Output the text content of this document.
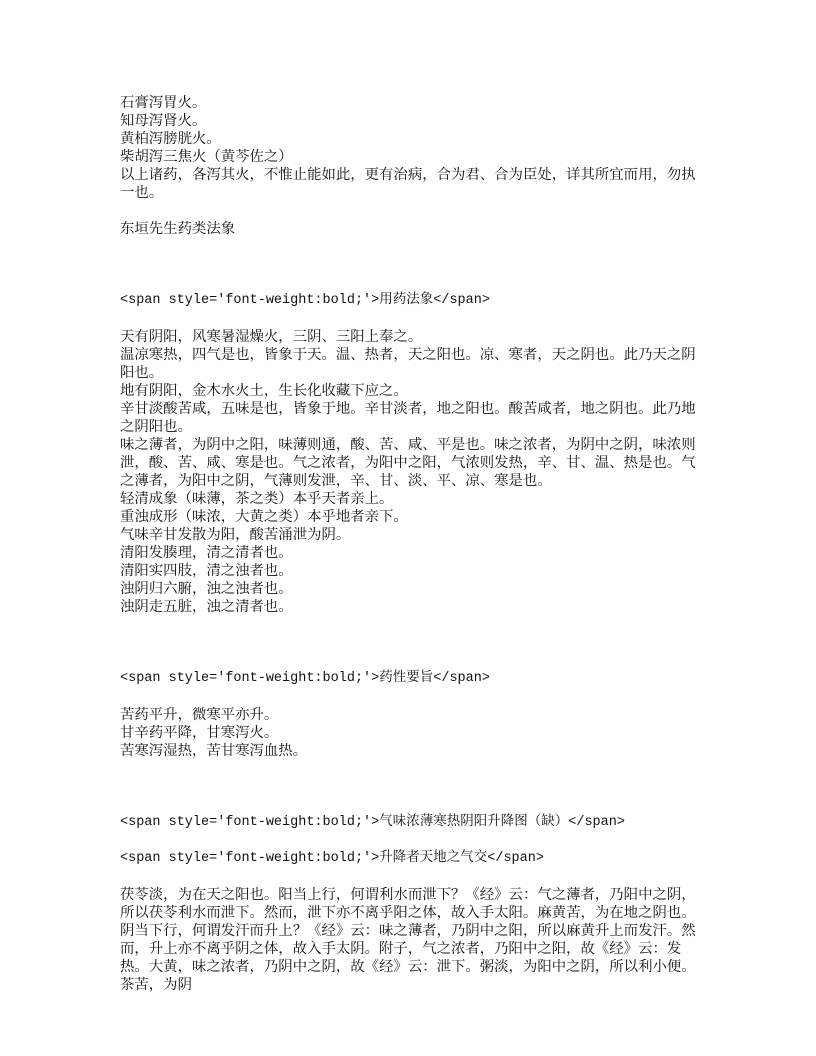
石膏泻胃火。

知母泻肾火。

黄柏泻膀胱火。

柴胡泻三焦火（黄芩佐之）

以上诸药，各泻其火，不惟止能如此，更有治病，合为君、合为臣处，详其所宜而用，勿执一也。

东垣先生药类法象

<span style='font-weight:bold;'>用药法象</span>

天有阴阳，风寒暑湿燥火，三阴、三阳上奉之。

温凉寒热，四气是也，皆象于天。温、热者，天之阳也。凉、寒者，天之阴也。此乃天之阴阳也。

地有阴阳，金木水火土，生长化收藏下应之。

辛甘淡酸苦咸，五味是也，皆象于地。辛甘淡者，地之阳也。酸苦咸者，地之阴也。此乃地之阴阳也。

味之薄者，为阴中之阳，味薄则通，酸、苦、咸、平是也。味之浓者，为阴中之阴，味浓则泄，酸、苦、咸、寒是也。气之浓者，为阳中之阳，气浓则发热，辛、甘、温、热是也。气之薄者，为阳中之阴，气薄则发泄，辛、甘、淡、平、凉、寒是也。

轻清成象（味薄，茶之类）本乎天者亲上。

重浊成形（味浓，大黄之类）本乎地者亲下。

气味辛甘发散为阳，酸苦涌泄为阴。

清阳发腠理，清之清者也。

清阳实四肢，清之浊者也。

浊阴归六腑，浊之浊者也。

浊阴走五脏，浊之清者也。

<span style='font-weight:bold;'>药性要旨</span>

苦药平升，微寒平亦升。

甘辛药平降，甘寒泻火。

苦寒泻湿热，苦甘寒泻血热。

<span style='font-weight:bold;'>气味浓薄寒热阴阳升降图（缺）</span>

<span style='font-weight:bold;'>升降者天地之气交</span>

茯苓淡，为在天之阳也。阳当上行，何谓利水而泄下？《经》云：气之薄者，乃阳中之阴，所以茯苓利水而泄下。然而，泄下亦不离乎阳之体，故入手太阳。麻黄苦，为在地之阴也。

阴当下行，何谓发汗而升上？《经》云：味之薄者，乃阴中之阳，所以麻黄升上而发汗。然而，升上亦不离乎阴之体，故入手太阴。附子，气之浓者，乃阳中之阳，故《经》云：发热。大黄，味之浓者，乃阴中之阴，故《经》云：泄下。粥淡，为阳中之阴，所以利小便。茶苦，为阴
